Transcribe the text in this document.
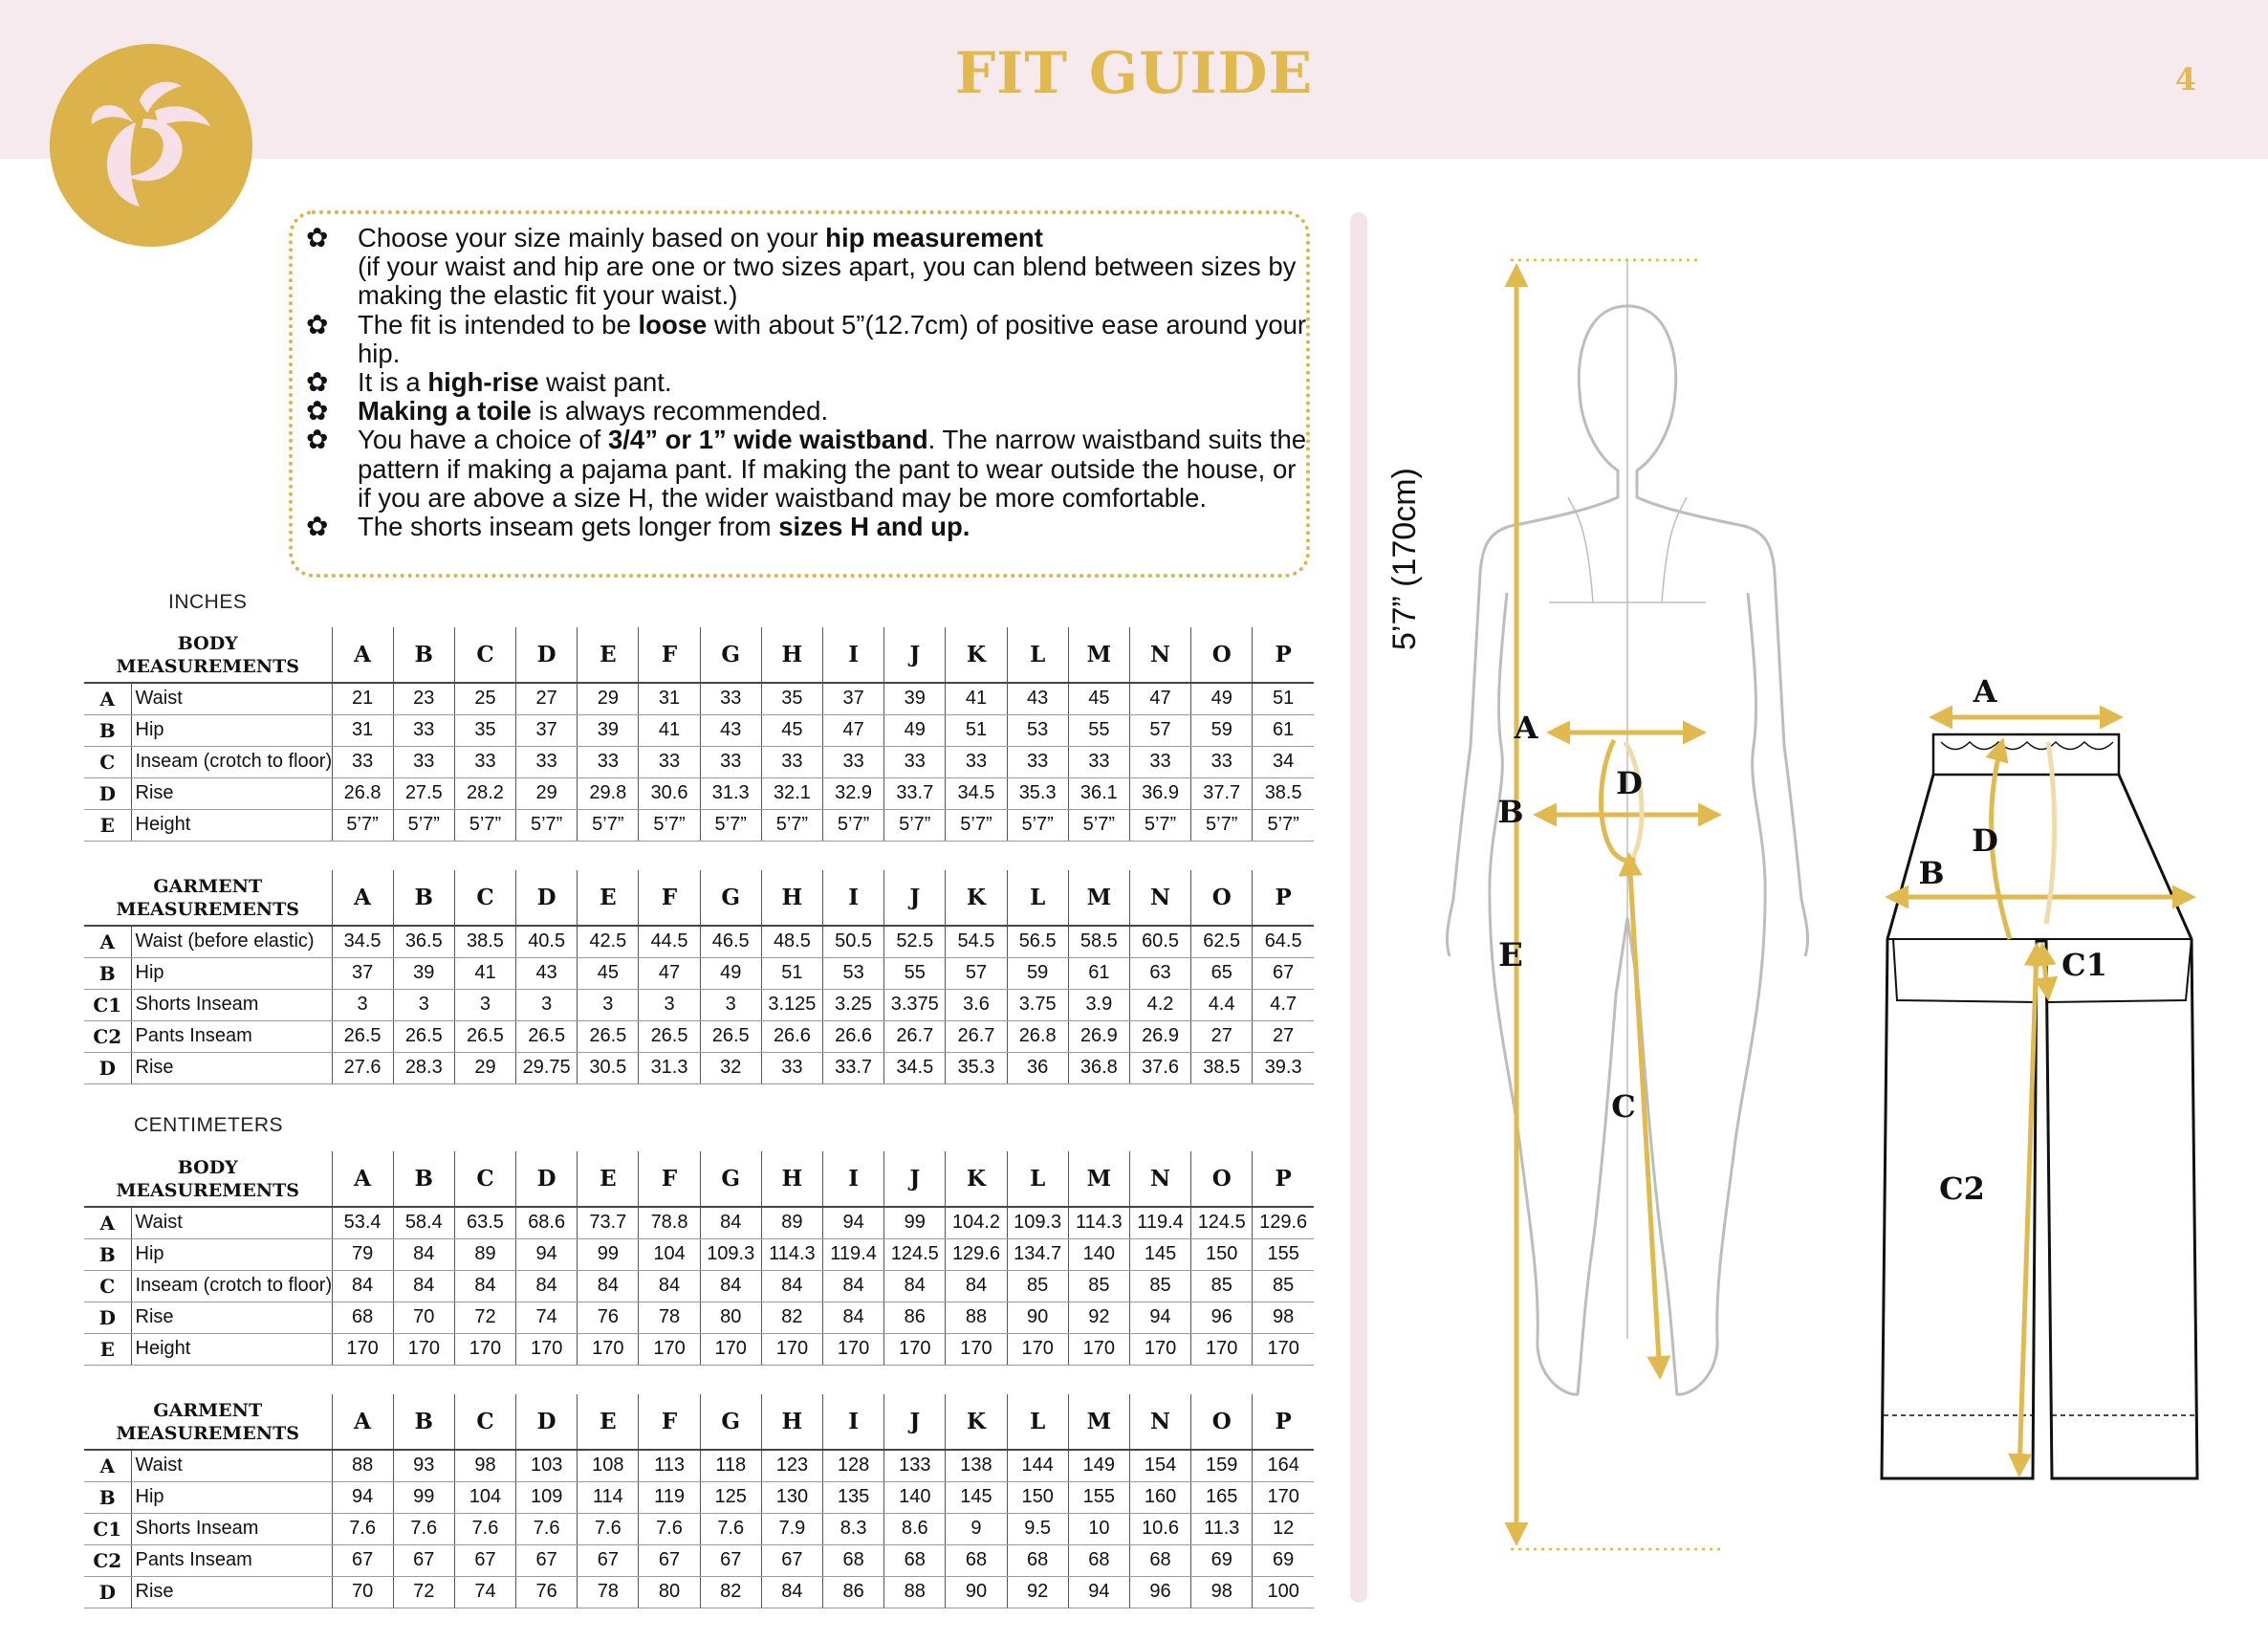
FIT GUIDE	4
✿ Choose your size mainly based on your hip measurement
(if your waist and hip are one or two sizes apart, you can blend between sizes by making the elastic fit your waist.)
✿ The fit is intended to be loose with about 5”(12.7cm) of positive ease around your hip.
✿ It is a high-rise waist pant.
✿ Making a toile is always recommended.
✿ You have a choice of 3/4” or 1” wide waistband. The narrow waistband suits the pattern if making a pajama pant. If making the pant to wear outside the house, or if you are above a size H, the wider waistband may be more comfortable.
✿ The shorts inseam gets longer from sizes H and up.
INCHES
BODY
MEASUREMENTS		A	B	C	D	E	F	G	H	I	J	K	L	M	N	O	P
A	Waist	21	23	25	27	29	31	33	35	37	39	41	43	45	47	49	51
B	Hip	31	33	35	37	39	41	43	45	47	49	51	53	55	57	59	61
C	Inseam (crotch to floor)	33	33	33	33	33	33	33	33	33	33	33	33	33	33	33	34
D	Rise	26.8	27.5	28.2	29	29.8	30.6	31.3	32.1	32.9	33.7	34.5	35.3	36.1	36.9	37.7	38.5
E	Height	5’7”	5’7”	5’7”	5’7”	5’7”	5’7”	5’7”	5’7”	5’7”	5’7”	5’7”	5’7”	5’7”	5’7”	5’7”	5’7”
GARMENT
MEASUREMENTS		A	B	C	D	E	F	G	H	I	J	K	L	M	N	O	P
A	Waist (before elastic)	34.5	36.5	38.5	40.5	42.5	44.5	46.5	48.5	50.5	52.5	54.5	56.5	58.5	60.5	62.5	64.5
B	Hip	37	39	41	43	45	47	49	51	53	55	57	59	61	63	65	67
C1	Shorts Inseam	3	3	3	3	3	3	3	3.125	3.25	3.375	3.6	3.75	3.9	4.2	4.4	4.7
C2	Pants Inseam	26.5	26.5	26.5	26.5	26.5	26.5	26.5	26.6	26.6	26.7	26.7	26.8	26.9	26.9	27	27
D	Rise	27.6	28.3	29	29.75	30.5	31.3	32	33	33.7	34.5	35.3	36	36.8	37.6	38.5	39.3
CENTIMETERS
BODY
MEASUREMENTS		A	B	C	D	E	F	G	H	I	J	K	L	M	N	O	P
A	Waist	53.4	58.4	63.5	68.6	73.7	78.8	84	89	94	99	104.2	109.3	114.3	119.4	124.5	129.6
B	Hip	79	84	89	94	99	104	109.3	114.3	119.4	124.5	129.6	134.7	140	145	150	155
C	Inseam (crotch to floor)	84	84	84	84	84	84	84	84	84	84	84	85	85	85	85	85
D	Rise	68	70	72	74	76	78	80	82	84	86	88	90	92	94	96	98
E	Height	170	170	170	170	170	170	170	170	170	170	170	170	170	170	170	170
GARMENT
MEASUREMENTS		A	B	C	D	E	F	G	H	I	J	K	L	M	N	O	P
A	Waist	88	93	98	103	108	113	118	123	128	133	138	144	149	154	159	164
B	Hip	94	99	104	109	114	119	125	130	135	140	145	150	155	160	165	170
C1	Shorts Inseam	7.6	7.6	7.6	7.6	7.6	7.6	7.6	7.9	8.3	8.6	9	9.5	10	10.6	11.3	12
C2	Pants Inseam	67	67	67	67	67	67	67	67	68	68	68	68	68	68	69	69
D	Rise	70	72	74	76	78	80	82	84	86	88	90	92	94	96	98	100
5’7” (170cm)
E
A
B
D
C
A
B
D
C1
C2
